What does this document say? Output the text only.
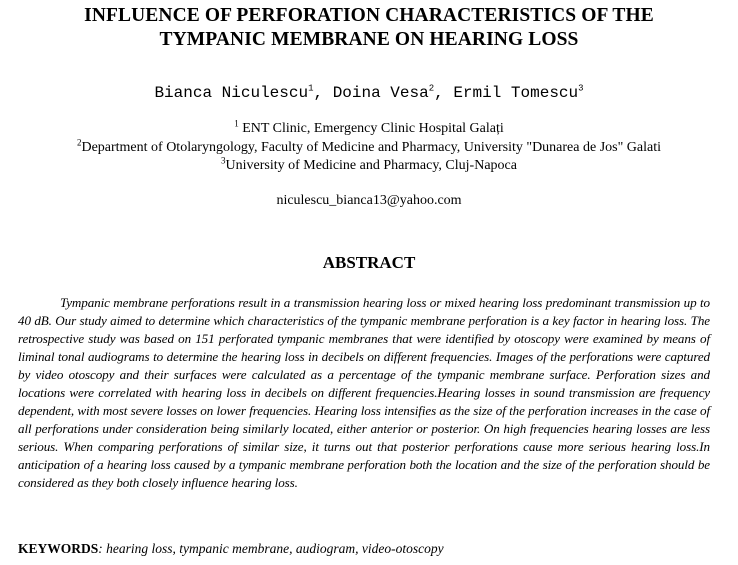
INFLUENCE OF PERFORATION CHARACTERISTICS OF THE
TYMPANIC MEMBRANE ON HEARING LOSS
Bianca Niculescu$^1$, Doina Vesa$^2$, Ermil Tomescu$^3$
$^1$ ENT Clinic, Emergency Clinic Hospital Galați
$^2$Department of Otolaryngology, Faculty of Medicine and Pharmacy, University "Dunarea de Jos" Galati
$^3$University of Medicine and Pharmacy, Cluj-Napoca
niculescu_bianca13@yahoo.com
ABSTRACT
Tympanic membrane perforations result in a transmission hearing loss or mixed hearing loss predominant transmission up to 40 dB. Our study aimed to determine which characteristics of the tympanic membrane perforation is a key factor in hearing loss. The retrospective study was based on 151 perforated tympanic membranes that were identified by otoscopy were examined by means of liminal tonal audiograms to determine the hearing loss in decibels on different frequencies. Images of the perforations were captured by video otoscopy and their surfaces were calculated as a percentage of the tympanic membrane surface. Perforation sizes and locations were correlated with hearing loss in decibels on different frequencies.Hearing losses in sound transmission are frequency dependent, with most severe losses on lower frequencies. Hearing loss intensifies as the size of the perforation increases in the case of all perforations under consideration being similarly located, either anterior or posterior. On high frequencies hearing losses are less serious. When comparing perforations of similar size, it turns out that posterior perforations cause more serious hearing loss.In anticipation of a hearing loss caused by a tympanic membrane perforation both the location and the size of the perforation should be considered as they both closely influence hearing loss.
KEYWORDS: hearing loss, tympanic membrane, audiogram, video-otoscopy
